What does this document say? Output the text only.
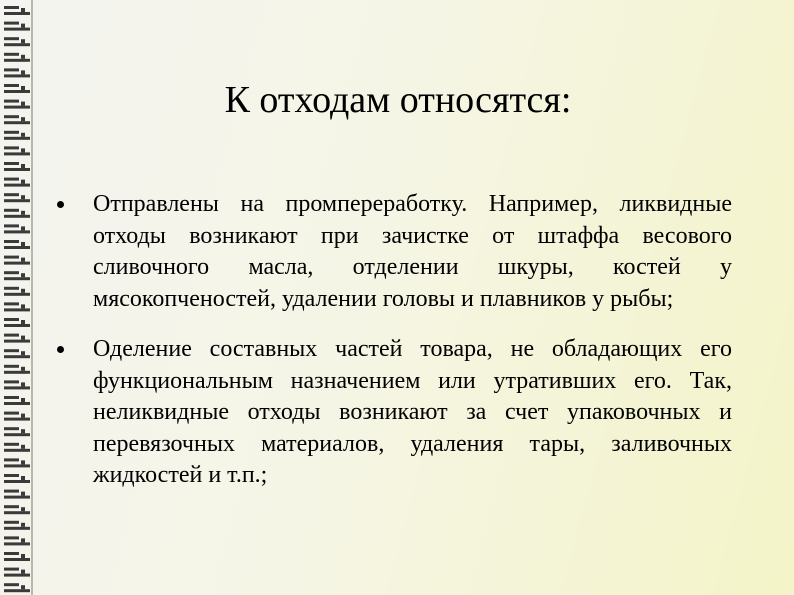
К отходам относятся:
Отправлены на промпереработку. Например, ликвидные отходы возникают при зачистке от штаффа весового сливочного масла, отделении шкуры, костей у мясокопченостей, удалении головы и плавников у рыбы;
Оделение составных частей товара, не обладающих его функциональным назначением или утративших его. Так, неликвидные отходы возникают за счет упаковочных и перевязочных материалов, удаления тары, заливочных жидкостей и т.п.;
